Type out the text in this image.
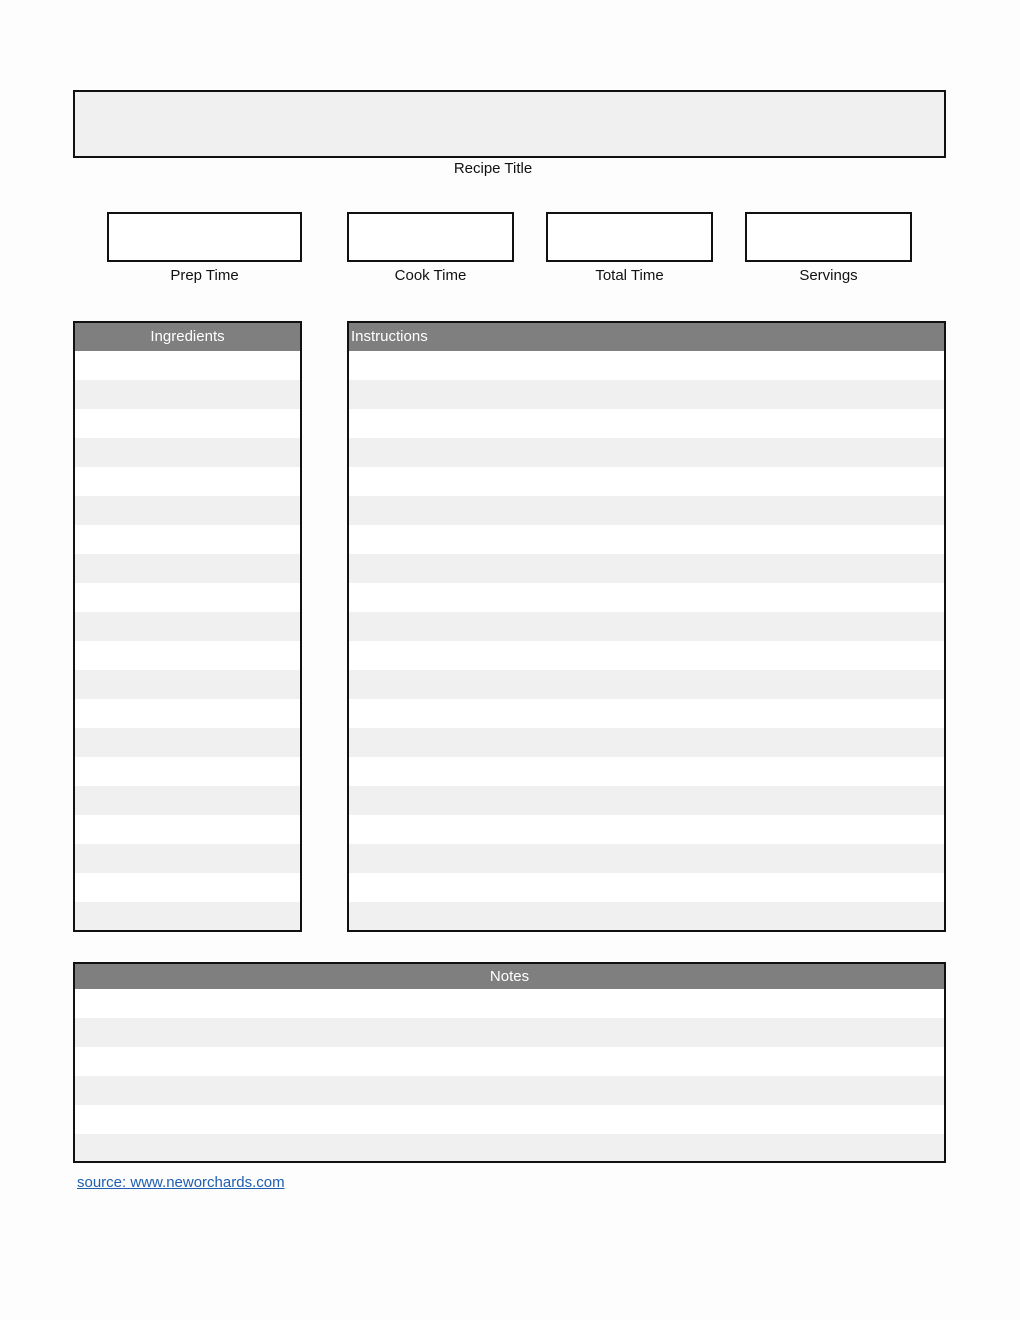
Recipe Title
Prep Time	Cook Time	Total Time	Servings
Ingredients	Instructions
Notes
source: www.neworchards.com
